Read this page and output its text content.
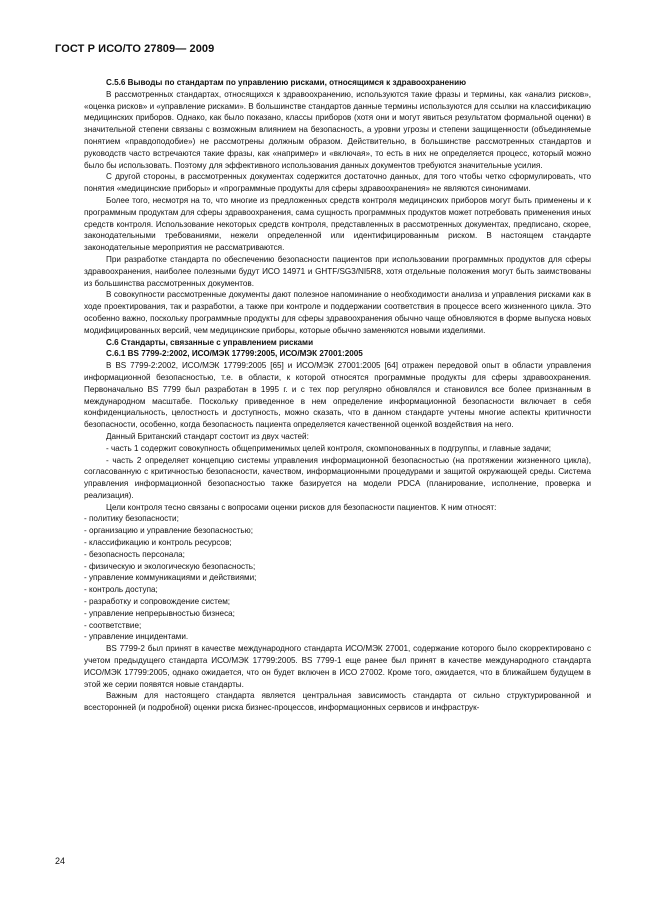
ГОСТ Р ИСО/ТО 27809— 2009

С.5.6 Выводы по стандартам по управлению рисками, относящимся к здравоохранению

В рассмотренных стандартах, относящихся к здравоохранению, используются такие фразы и термины, как «анализ рисков», «оценка рисков» и «управление рисками». В большинстве стандартов данные термины используются для ссылки на классификацию медицинских приборов. Однако, как было показано, классы приборов (хотя они и могут явиться результатом формальной оценки) в значительной степени связаны с возможным влиянием на безопасность, а уровни угрозы и степени защищенности (объединяемые понятием «правдоподобие») не рассмотрены должным образом. Действительно, в большинстве рассмотренных стандартов и руководств часто встречаются такие фразы, как «например» и «включая», то есть в них не определяется процесс, который можно было бы использовать. Поэтому для эффективного использования данных документов требуются значительные усилия.

С другой стороны, в рассмотренных документах содержится достаточно данных, для того чтобы четко сформулировать, что понятия «медицинские приборы» и «программные продукты для сферы здравоохранения» не являются синонимами.

Более того, несмотря на то, что многие из предложенных средств контроля медицинских приборов могут быть применены и к программным продуктам для сферы здравоохранения, сама сущность программных продуктов может потребовать применения иных средств контроля. Использование некоторых средств контроля, представленных в рассмотренных документах, предписано, скорее, законодательными требованиями, нежели определенной или идентифицированным риском. В настоящем стандарте законодательные мероприятия не рассматриваются.

При разработке стандарта по обеспечению безопасности пациентов при использовании программных продуктов для сферы здравоохранения, наиболее полезными будут ИСО 14971 и GHTF/SG3/NI5R8, хотя отдельные положения могут быть заимствованы из большинства рассмотренных документов.

В совокупности рассмотренные документы дают полезное напоминание о необходимости анализа и управления рисками как в ходе проектирования, так и разработки, а также при контроле и поддержании соответствия в процессе всего жизненного цикла. Это особенно важно, поскольку программные продукты для сферы здравоохранения обычно чаще обновляются в форме выпуска новых модифицированных версий, чем медицинские приборы, которые обычно заменяются новыми изделиями.

С.6 Стандарты, связанные с управлением рисками

С.6.1 BS 7799-2:2002, ИСО/МЭК 17799:2005, ИСО/МЭК 27001:2005

В BS 7799-2:2002, ИСО/МЭК 17799:2005 [65] и ИСО/МЭК 27001:2005 [64] отражен передовой опыт в области управления информационной безопасностью, т.е. в области, к которой относятся программные продукты для сферы здравоохранения. Первоначально BS 7799 был разработан в 1995 г. и с тех пор регулярно обновлялся и становился все более признанным в международном масштабе. Поскольку приведенное в нем определение информационной безопасности включает в себя конфиденциальность, целостность и доступность, можно сказать, что в данном стандарте учтены многие аспекты критичности безопасности, особенно, когда безопасность пациента определяется качественной оценкой воздействия на него.

Данный Британский стандарт состоит из двух частей:

- часть 1 содержит совокупность общеприменимых целей контроля, скомпонованных в подгруппы, и главные задачи;

- часть 2 определяет концепцию системы управления информационной безопасностью (на протяжении жизненного цикла), согласованную с критичностью безопасности, качеством, информационными процедурами и защитой окружающей среды. Система управления информационной безопасностью также базируется на модели PDCA (планирование, исполнение, проверка и реализация).

Цели контроля тесно связаны с вопросами оценки рисков для безопасности пациентов. К ним относят:

- политику безопасности;

- организацию и управление безопасностью;

- классификацию и контроль ресурсов;

- безопасность персонала;

- физическую и экологическую безопасность;

- управление коммуникациями и действиями;

- контроль доступа;

- разработку и сопровождение систем;

- управление непрерывностью бизнеса;

- соответствие;

- управление инцидентами.

BS 7799-2 был принят в качестве международного стандарта ИСО/МЭК 27001, содержание которого было скорректировано с учетом предыдущего стандарта ИСО/МЭК 17799:2005. BS 7799-1 еще ранее был принят в качестве международного стандарта ИСО/МЭК 17799:2005, однако ожидается, что он будет включен в ИСО 27002. Кроме того, ожидается, что в ближайшем будущем в этой же серии появятся новые стандарты.

Важным для настоящего стандарта является центральная зависимость стандарта от сильно структурированной и всесторонней (и подробной) оценки риска бизнес-процессов, информационных сервисов и инфраструк-

24
